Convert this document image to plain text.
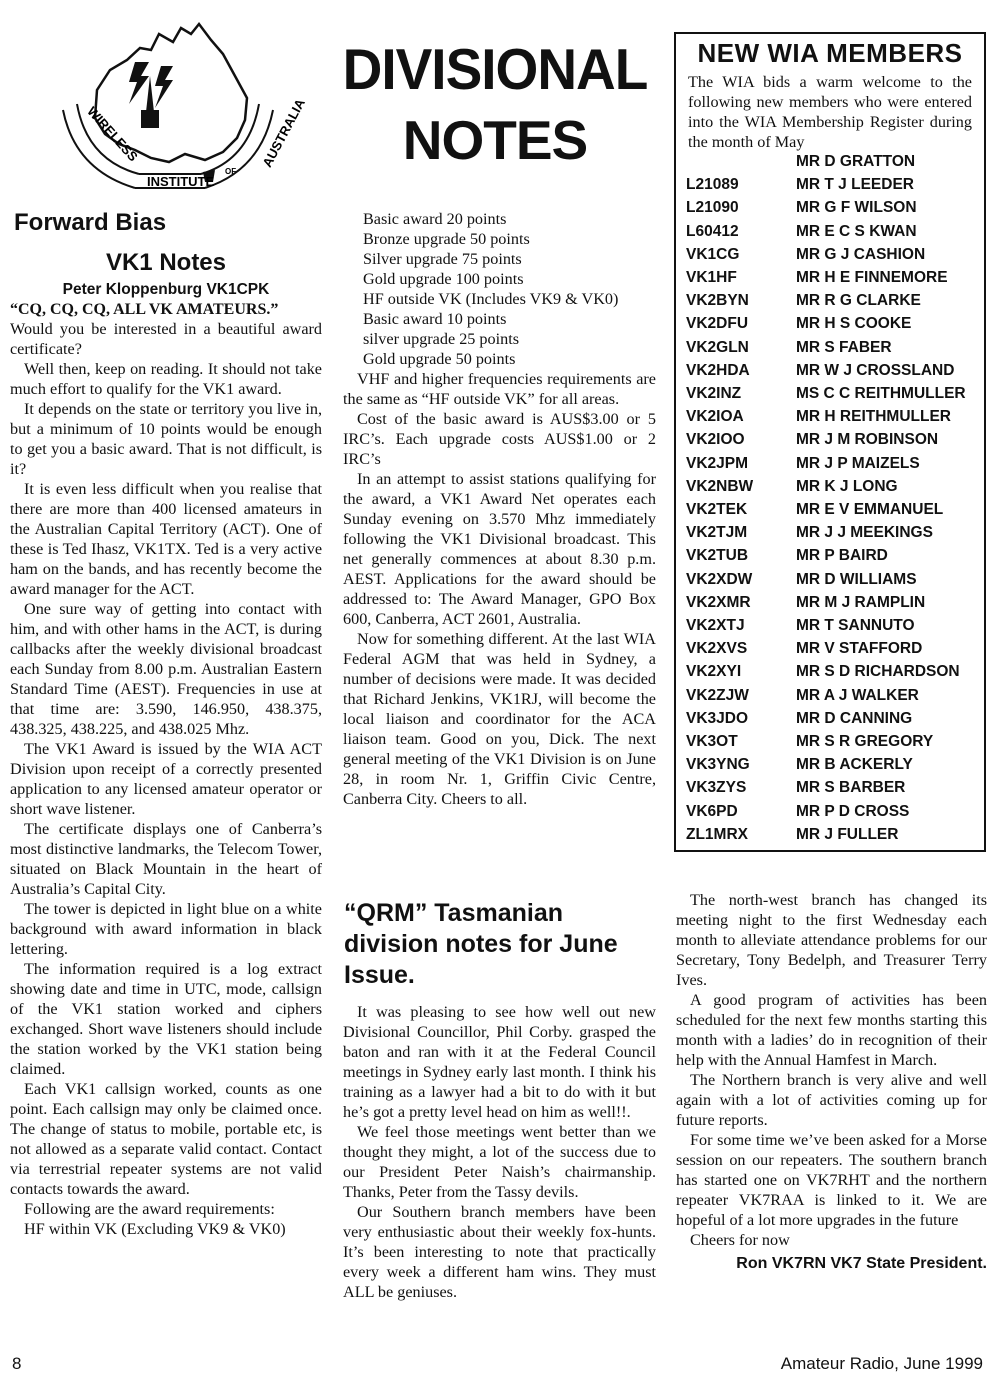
WIRELESS
INSTITUTE
OF
AUSTRALIA
DIVISIONAL
NOTES
Forward Bias
VK1 Notes
Peter Kloppenburg VK1CPK
“CQ, CQ, CQ, ALL VK AMATEURS.”

Would you be interested in a beautiful award certificate?

Well then, keep on reading. It should not take much effort to qualify for the VK1 award.

It depends on the state or territory you live in, but a minimum of 10 points would be enough to get you a basic award. That is not difficult, is it?

It is even less difficult when you realise that there are more than 400 licensed amateurs in the Australian Capital Territory (ACT). One of these is Ted Ihasz, VK1TX. Ted is a very active ham on the bands, and has recently become the award manager for the ACT.

One sure way of getting into contact with him, and with other hams in the ACT, is during callbacks after the weekly divisional broadcast each Sunday from 8.00 p.m. Australian Eastern Standard Time (AEST). Frequencies in use at that time are: 3.590, 146.950, 438.375, 438.325, 438.225, and 438.025 Mhz.

The VK1 Award is issued by the WIA ACT Division upon receipt of a correctly presented application to any licensed amateur operator or short wave listener.

The certificate displays one of Canberra’s most distinctive landmarks, the Telecom Tower, situated on Black Mountain in the heart of Australia’s Capital City.

The tower is depicted in light blue on a white background with award information in black lettering.

The information required is a log extract showing date and time in UTC, mode, callsign of the VK1 station worked and ciphers exchanged. Short wave listeners should include the station worked by the VK1 station being claimed.

Each VK1 callsign worked, counts as one point. Each callsign may only be claimed once. The change of status to mobile, portable etc, is not allowed as a separate valid contact. Contact via terrestrial repeater systems are not valid contacts towards the award.

Following are the award requirements:

HF within VK (Excluding VK9 & VK0)

Basic award 20 points
Bronze upgrade 50 points
Silver upgrade 75 points
Gold upgrade 100 points
HF outside VK (Includes VK9 & VK0)
Basic award 10 points
silver upgrade 25 points
Gold upgrade 50 points

VHF and higher frequencies requirements are the same as “HF outside VK” for all areas.

Cost of the basic award is AUS$3.00 or 5 IRC’s. Each upgrade costs AUS$1.00 or 2 IRC’s

In an attempt to assist stations qualifying for the award, a VK1 Award Net operates each Sunday evening on 3.570 Mhz immediately following the VK1 Divisional broadcast. This net generally commences at about 8.30 p.m. AEST. Applications for the award should be addressed to: The Award Manager, GPO Box 600, Canberra, ACT 2601, Australia.

Now for something different. At the last WIA Federal AGM that was held in Sydney, a number of decisions were made. It was decided that Richard Jenkins, VK1RJ, will become the local liaison and coordinator for the ACA liaison team. Good on you, Dick. The next general meeting of the VK1 Division is on June 28, in room Nr. 1, Griffin Civic Centre, Canberra City. Cheers to all.

NEW WIA MEMBERS
The WIA bids a warm welcome to the following new members who were entered into the WIA Membership Register during the month of May
MR D GRATTON
L21089	MR T J LEEDER
L21090	MR G F WILSON
L60412	MR E C S KWAN
VK1CG	MR G J CASHION
VK1HF	MR H E FINNEMORE
VK2BYN	MR R G CLARKE
VK2DFU	MR H S COOKE
VK2GLN	MR S FABER
VK2HDA	MR W J CROSSLAND
VK2INZ	MS C C REITHMULLER
VK2IOA	MR H REITHMULLER
VK2IOO	MR J M ROBINSON
VK2JPM	MR J P MAIZELS
VK2NBW	MR K J LONG
VK2TEK	MR E V EMMANUEL
VK2TJM	MR J J MEEKINGS
VK2TUB	MR P BAIRD
VK2XDW	MR D WILLIAMS
VK2XMR	MR M J RAMPLIN
VK2XTJ	MR T SANNUTO
VK2XVS	MR V STAFFORD
VK2XYI	MR S D RICHARDSON
VK2ZJW	MR A J WALKER
VK3JDO	MR D CANNING
VK3OT	MR S R GREGORY
VK3YNG	MR B ACKERLY
VK3ZYS	MR S BARBER
VK6PD	MR P D CROSS
ZL1MRX	MR J FULLER
“QRM” Tasmanian division notes for June Issue.

It was pleasing to see how well out new Divisional Councillor, Phil Corby. grasped the baton and ran with it at the Federal Council meetings in Sydney early last month. I think his training as a lawyer had a bit to do with it but he’s got a pretty level head on him as well!!.

We feel those meetings went better than we thought they might, a lot of the success due to our President Peter Naish’s chairmanship. Thanks, Peter from the Tassy devils.

Our Southern branch members have been very enthusiastic about their weekly fox-hunts. It’s been interesting to note that practically every week a different ham wins. They must ALL be geniuses.

The north-west branch has changed its meeting night to the first Wednesday each month to alleviate attendance problems for our Secretary, Tony Bedelph, and Treasurer Terry Ives.

A good program of activities has been scheduled for the next few months starting this month with a ladies’ do in recognition of their help with the Annual Hamfest in March.

The Northern branch is very alive and well again with a lot of activities coming up for future reports.

For some time we’ve been asked for a Morse session on our repeaters. The southern branch has started one on VK7RHT and the northern repeater VK7RAA is linked to it. We are hopeful of a lot more upgrades in the future

Cheers for now

Ron VK7RN VK7 State President.
8	Amateur Radio, June 1999
